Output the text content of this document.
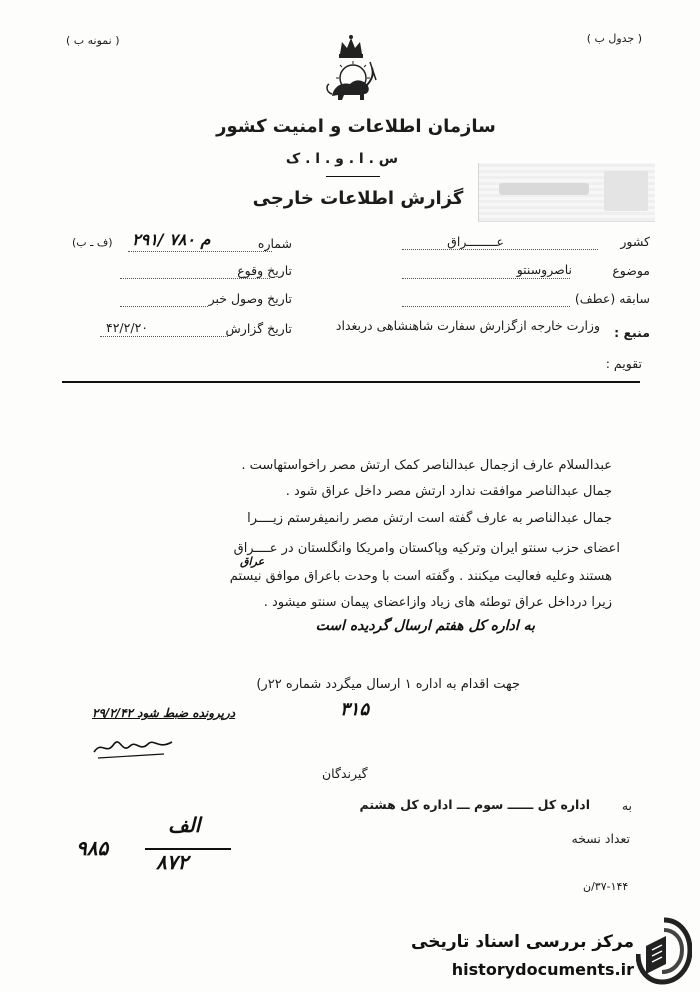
( نمونه ب )	( جدول ب )
سازمان اطلاعات و امنیت کشور
س . ا . و . ا . ک
گزارش اطلاعات خارجی
کشور
عــــــــراق
موضوع
ناصروسنتو
سابقه (عطف)
منبع :
وزارت خارجه ازگزارش سفارت شاهنشاهی دربغداد
تقویم :
شماره
۲۹۱/ م ۷۸۰
(ف ـ ب)
تاریخ وقوع
تاریخ وصول خبر
تاریخ گزارش
۴۲/۲/۲۰
عبدالسلام عارف ازجمال عبدالناصر کمک ارتش مصر راخواستهاست .
جمال عبدالناصر موافقت ندارد ارتش مصر داخل عراق شود .
جمال عبدالناصر به عارف گفته است ارتش مصر رانمیفرستم زیــــرا
اعضای حزب سنتو ایران وترکیه وپاکستان وامریکا وانگلستان در عــــراق
عراق
هستند وعلیه فعالیت میکنند . وگفته است با وحدت باعراق موافق نیستم
زیرا درداخل عراق توطئه های زیاد وازاعضای پیمان سنتو میشود .
به اداره کل هفتم ارسال گردیده است
جهت اقدام به اداره ۱ ارسال میگردد شماره ۲۲ر)
۳۱۵
درپرونده ضبط شود ۲۹/۲/۴۲
گیرندگان
به
اداره کل ــــــ سوم ـــ اداره کل هشتم
تعداد نسخه
الف
۸۷۲
۹۸۵
۳۷-۱۴۴/ن
مرکز بررسی اسناد تاریخی
historydocuments.ir
